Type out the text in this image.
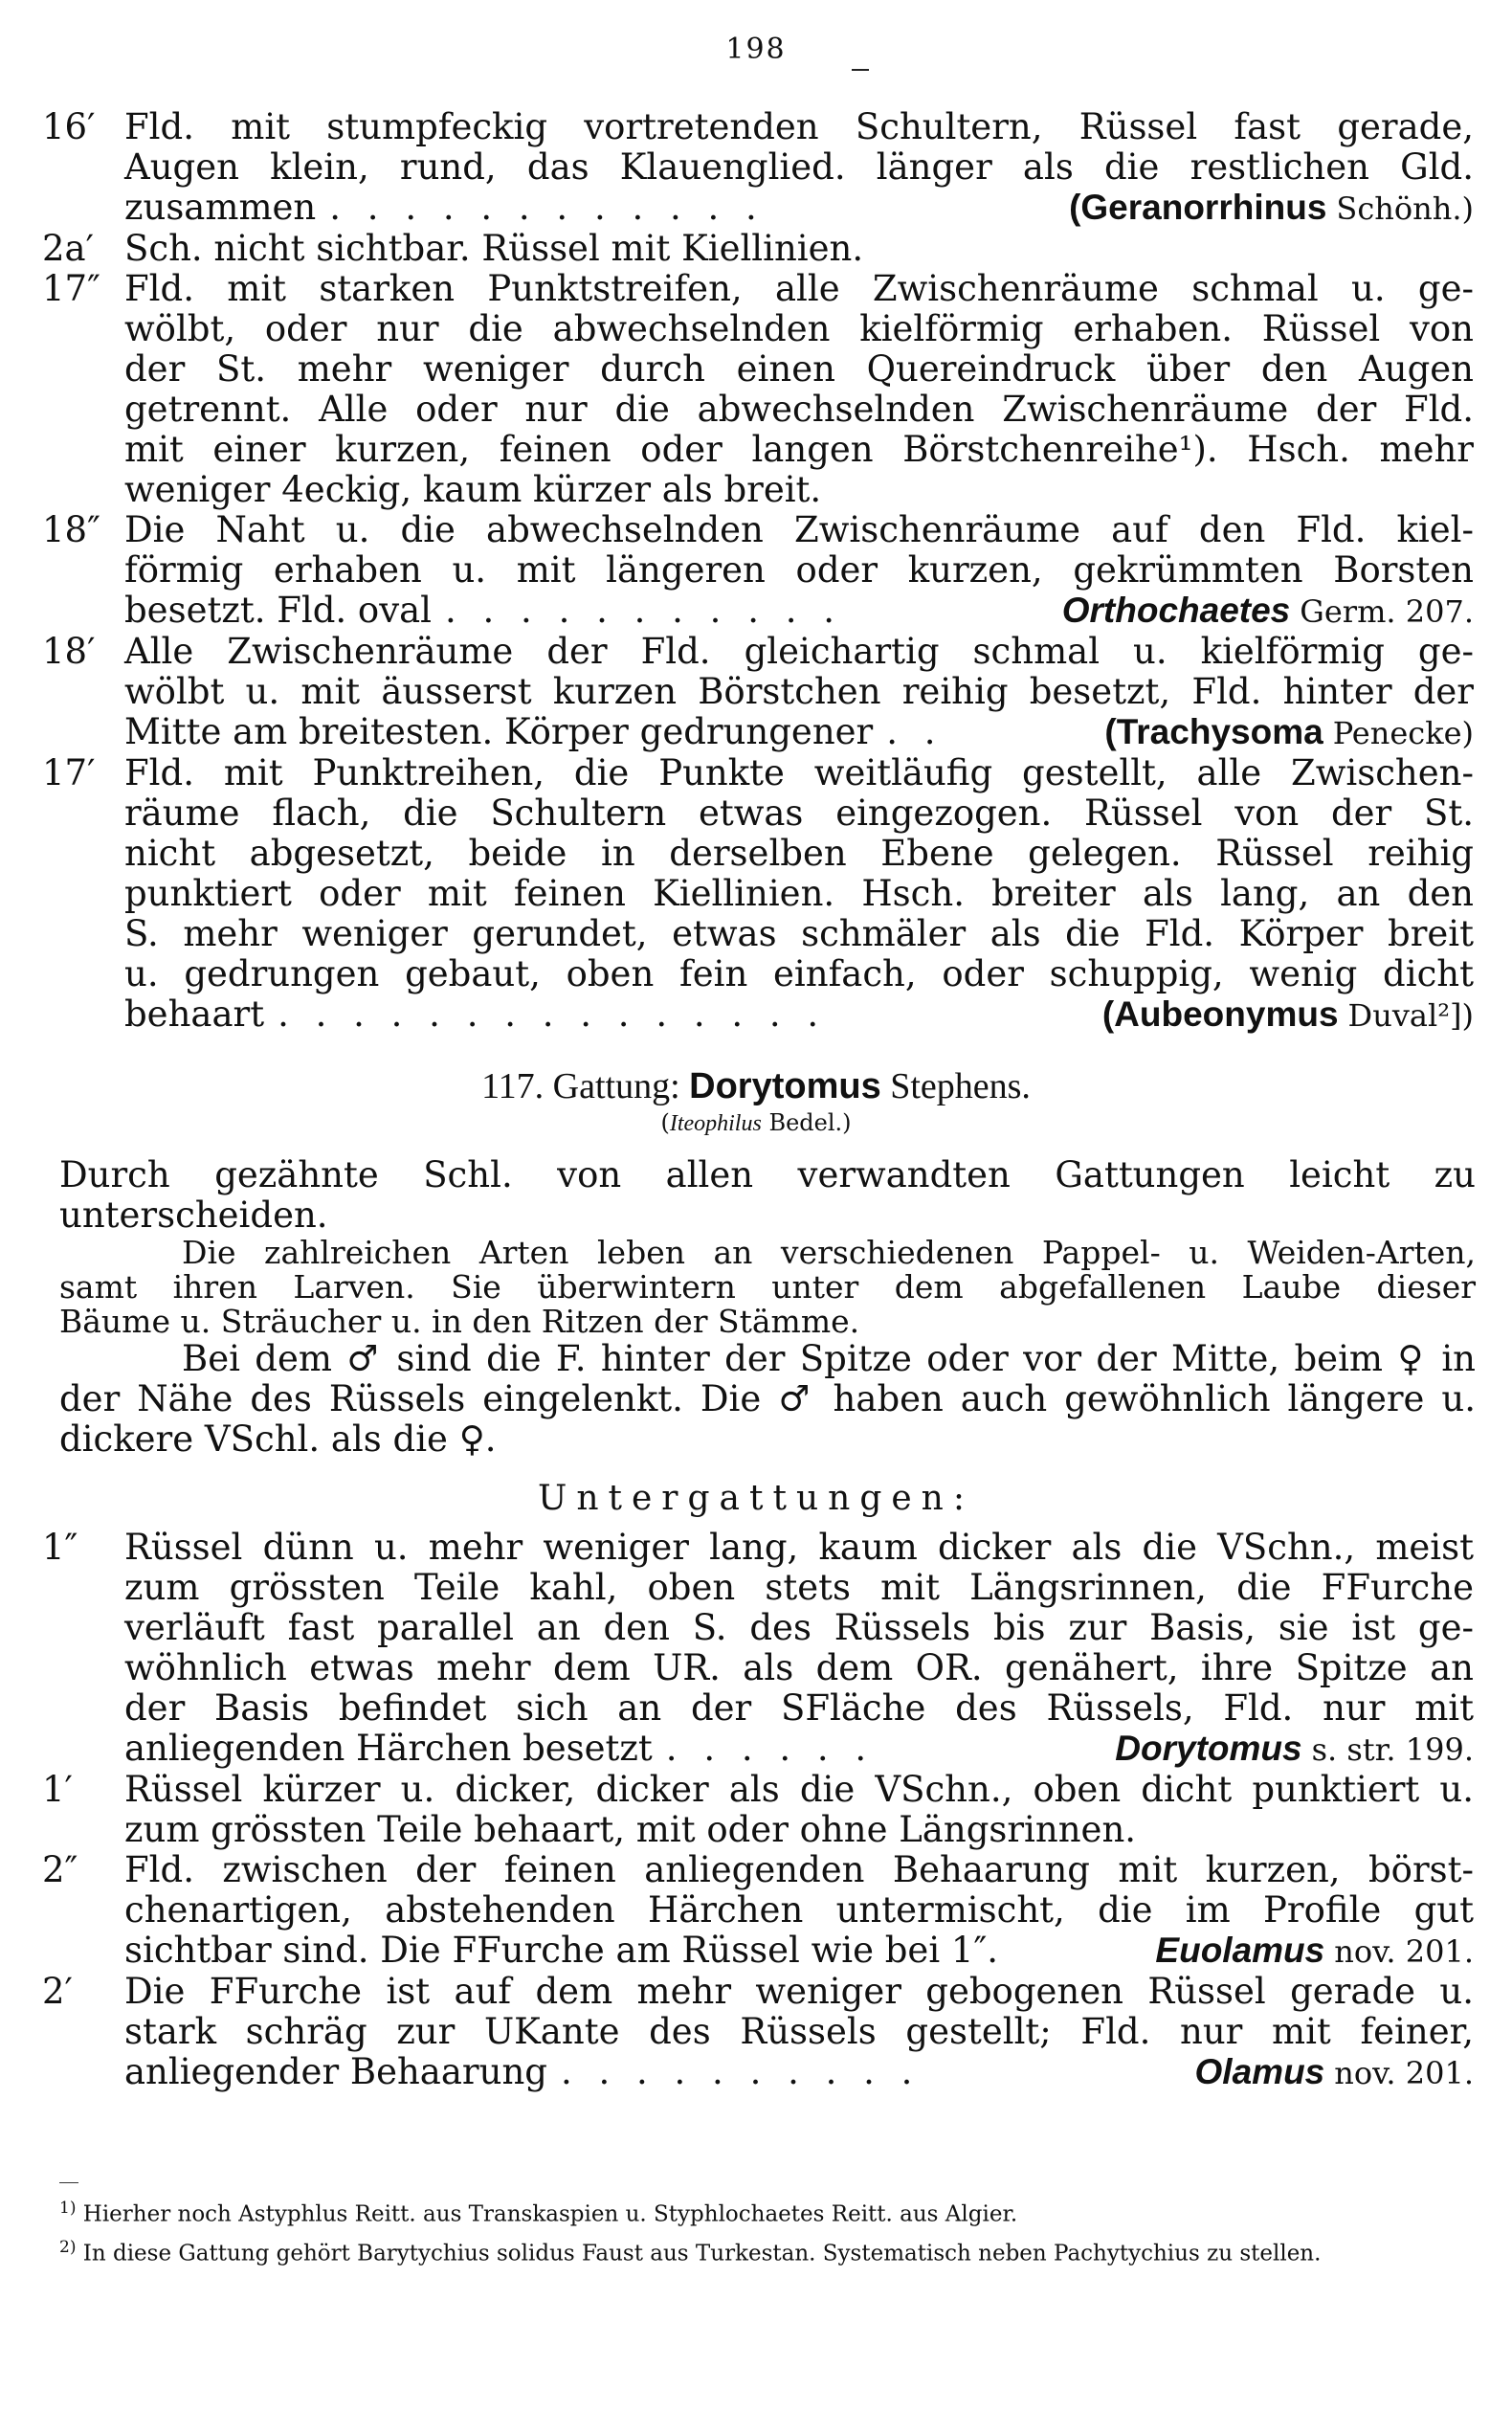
198
16′ Fld. mit stumpfeckig vortretenden Schultern, Rüssel fast gerade,
Augen klein, rund, das Klauenglied. länger als die restlichen Gld.
zusammen . . . . . . . . . . . .	(Geranorrhinus Schönh.)
2a′ Sch. nicht sichtbar. Rüssel mit Kiellinien.
17″ Fld. mit starken Punktstreifen, alle Zwischenräume schmal u. ge-
wölbt, oder nur die abwechselnden kielförmig erhaben. Rüssel von
der St. mehr weniger durch einen Quereindruck über den Augen
getrennt. Alle oder nur die abwechselnden Zwischenräume der Fld.
mit einer kurzen, feinen oder langen Börstchenreihe¹). Hsch. mehr
weniger 4eckig, kaum kürzer als breit.
18″ Die Naht u. die abwechselnden Zwischenräume auf den Fld. kiel-
förmig erhaben u. mit längeren oder kurzen, gekrümmten Borsten
besetzt. Fld. oval . . . . . . . . . . .	Orthochaetes Germ. 207.
18′ Alle Zwischenräume der Fld. gleichartig schmal u. kielförmig ge-
wölbt u. mit äusserst kurzen Börstchen reihig besetzt, Fld. hinter der
Mitte am breitesten. Körper gedrungener . .	(Trachysoma Penecke)
17′ Fld. mit Punktreihen, die Punkte weitläufig gestellt, alle Zwischen-
räume flach, die Schultern etwas eingezogen. Rüssel von der St.
nicht abgesetzt, beide in derselben Ebene gelegen. Rüssel reihig
punktiert oder mit feinen Kiellinien. Hsch. breiter als lang, an den
S. mehr weniger gerundet, etwas schmäler als die Fld. Körper breit
u. gedrungen gebaut, oben fein einfach, oder schuppig, wenig dicht
behaart . . . . . . . . . . . . . . .	(Aubeonymus Duval²])
117. Gattung: Dorytomus Stephens.
(Iteophilus Bedel.)
Durch gezähnte Schl. von allen verwandten Gattungen leicht zu
unterscheiden.
Die zahlreichen Arten leben an verschiedenen Pappel- u. Weiden-Arten,
samt ihren Larven. Sie überwintern unter dem abgefallenen Laube dieser
Bäume u. Sträucher u. in den Ritzen der Stämme.
Bei dem ♂ sind die F. hinter der Spitze oder vor der Mitte, beim ♀ in
der Nähe des Rüssels eingelenkt. Die ♂ haben auch gewöhnlich längere u.
dickere VSchl. als die ♀.
Untergattungen:
1″ Rüssel dünn u. mehr weniger lang, kaum dicker als die VSchn., meist
zum grössten Teile kahl, oben stets mit Längsrinnen, die FFurche
verläuft fast parallel an den S. des Rüssels bis zur Basis, sie ist ge-
wöhnlich etwas mehr dem UR. als dem OR. genähert, ihre Spitze an
der Basis befindet sich an der SFläche des Rüssels, Fld. nur mit
anliegenden Härchen besetzt . . . . . .	Dorytomus s. str. 199.
1′ Rüssel kürzer u. dicker, dicker als die VSchn., oben dicht punktiert u.
zum grössten Teile behaart, mit oder ohne Längsrinnen.
2″ Fld. zwischen der feinen anliegenden Behaarung mit kurzen, börst-
chenartigen, abstehenden Härchen untermischt, die im Profile gut
sichtbar sind. Die FFurche am Rüssel wie bei 1″.	Euolamus nov. 201.
2′ Die FFurche ist auf dem mehr weniger gebogenen Rüssel gerade u.
stark schräg zur UKante des Rüssels gestellt; Fld. nur mit feiner,
anliegender Behaarung . . . . . . . . . .	Olamus nov. 201.
$^{1)}$ Hierher noch Astyphlus Reitt. aus Transkaspien u. Styphlochaetes Reitt. aus Algier.
$^{2)}$ In diese Gattung gehört Barytychius solidus Faust aus Turkestan. Systematisch neben Pachytychius zu stellen.
